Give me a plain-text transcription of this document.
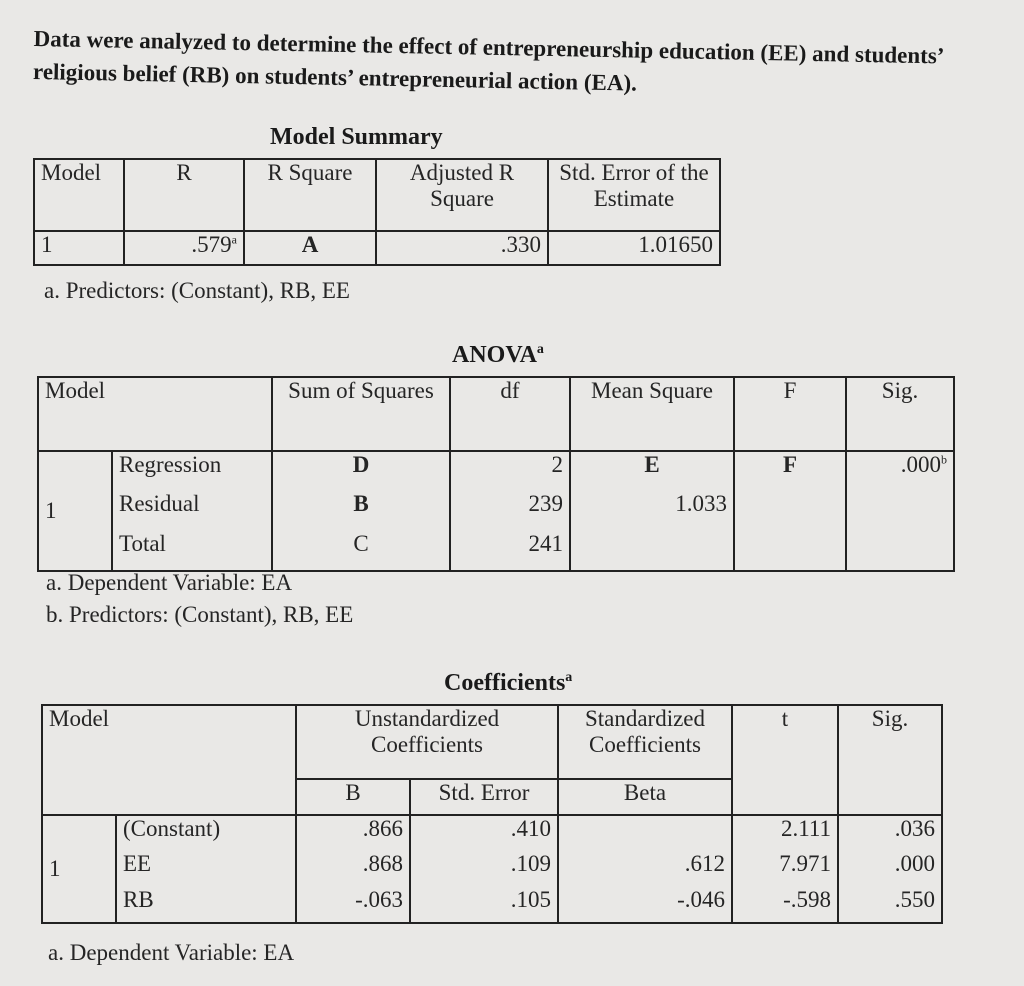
Data were analyzed to determine the effect of entrepreneurship education (EE) and students’ religious belief (RB) on students’ entrepreneurial action (EA).
Model Summary
Model	R	R Square	Adjusted R Square	Std. Error of the Estimate
1	.579$^a$	A	.330	1.01650
a. Predictors: (Constant), RB, EE
ANOVA$^a$
Model		Sum of Squares	df	Mean Square	F	Sig.
1	Regression	D	2	E	F	.000$^b$
	Residual	B	239	1.033		
	Total	C	241			
a. Dependent Variable: EA
b. Predictors: (Constant), RB, EE
Coefficients$^a$
Model		Unstandardized Coefficients		Standardized Coefficients	t	Sig.
		B	Std. Error	Beta		
1	(Constant)	.866	.410		2.111	.036
	EE	.868	.109	.612	7.971	.000
	RB	-.063	.105	-.046	-.598	.550
a. Dependent Variable: EA
